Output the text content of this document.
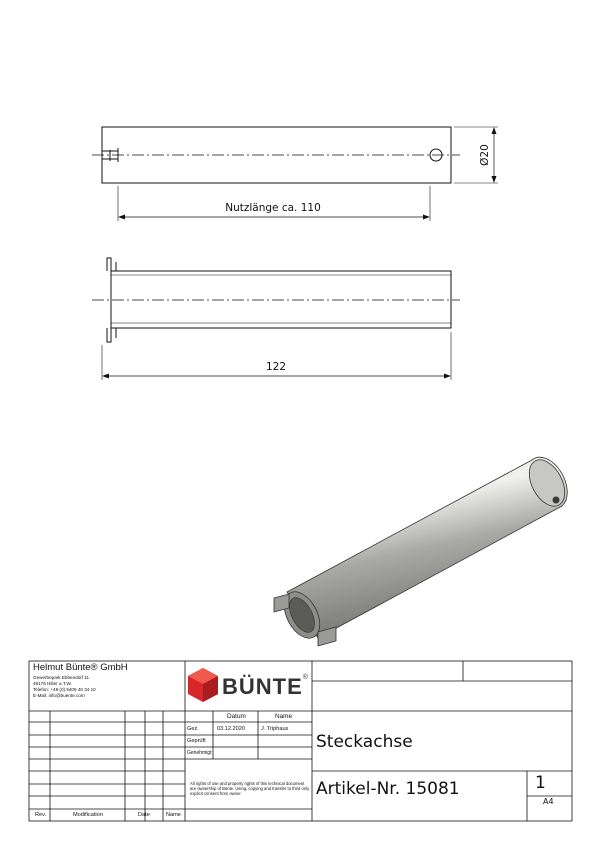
Nutzlänge ca. 110
Ø20
122
Helmut Bünte® GmbH
Gewerbepark Ebbendorf 11
49176 Hilter a.T.W.
Telefon: +49 (0) 5409 40 34 10
E-Mail: info@buente.com	BÜNTE®
Datum	Name
Gez.	03.12.2020	J. Triphaus
Geprüft
Genehmigt
All rights of use and property rights of this technical document are ownership of Bünte. Using, copying and transfer to third only explicit consent from owner.
Rev.	Modification	Date	Name
Steckachse
Artikel-Nr. 15081	1
A4
